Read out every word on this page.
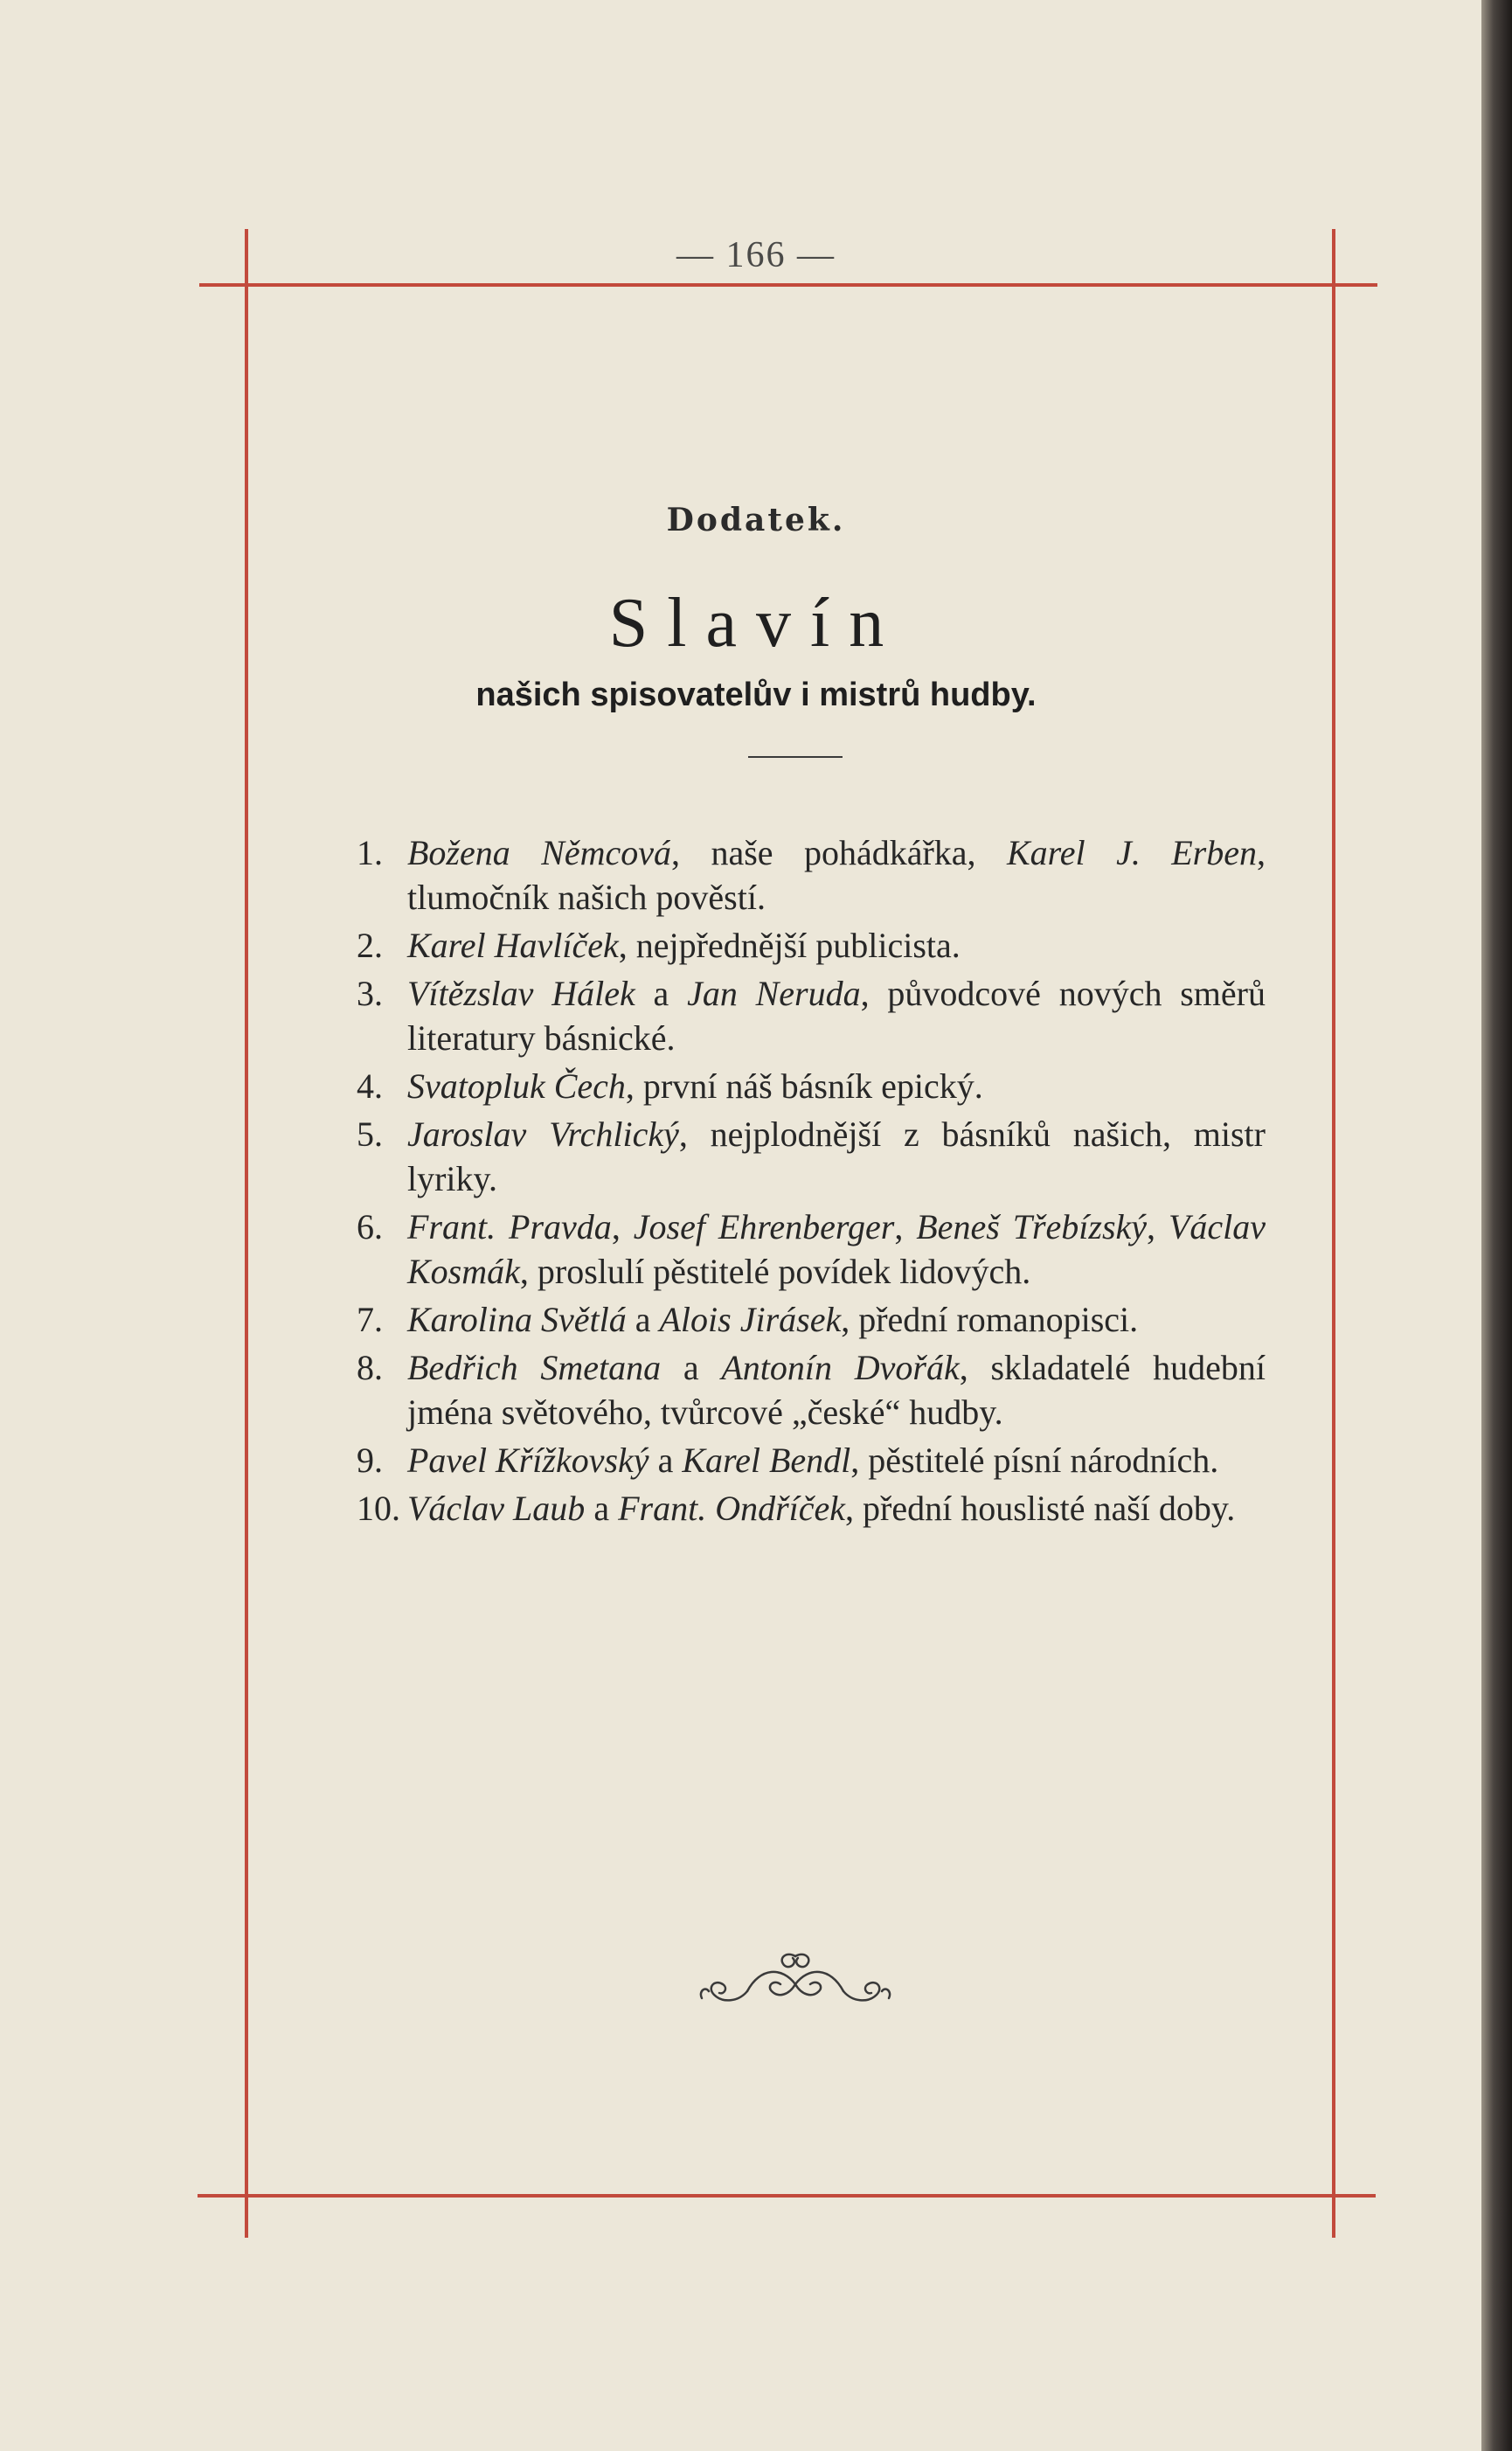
— 166 —
Dodatek.
Slavín
našich spisovatelův i mistrů hudby.
1. Božena Němcová, naše pohádkářka, Karel J. Erben, tlumočník našich pověstí.
2. Karel Havlíček, nejpřednější publicista.
3. Vítězslav Hálek a Jan Neruda, původcové nových směrů literatury básnické.
4. Svatopluk Čech, první náš básník epický.
5. Jaroslav Vrchlický, nejplodnější z básníků našich, mistr lyriky.
6. Frant. Pravda, Josef Ehrenberger, Beneš Třebízský, Václav Kosmák, proslulí pěstitelé povídek lidových.
7. Karolina Světlá a Alois Jirásek, přední romanopisci.
8. Bedřich Smetana a Antonín Dvořák, skladatelé hudební jména světového, tvůrcové „české“ hudby.
9. Pavel Křížkovský a Karel Bendl, pěstitelé písní národních.
10. Václav Laub a Frant. Ondříček, přední houslisté naší doby.
